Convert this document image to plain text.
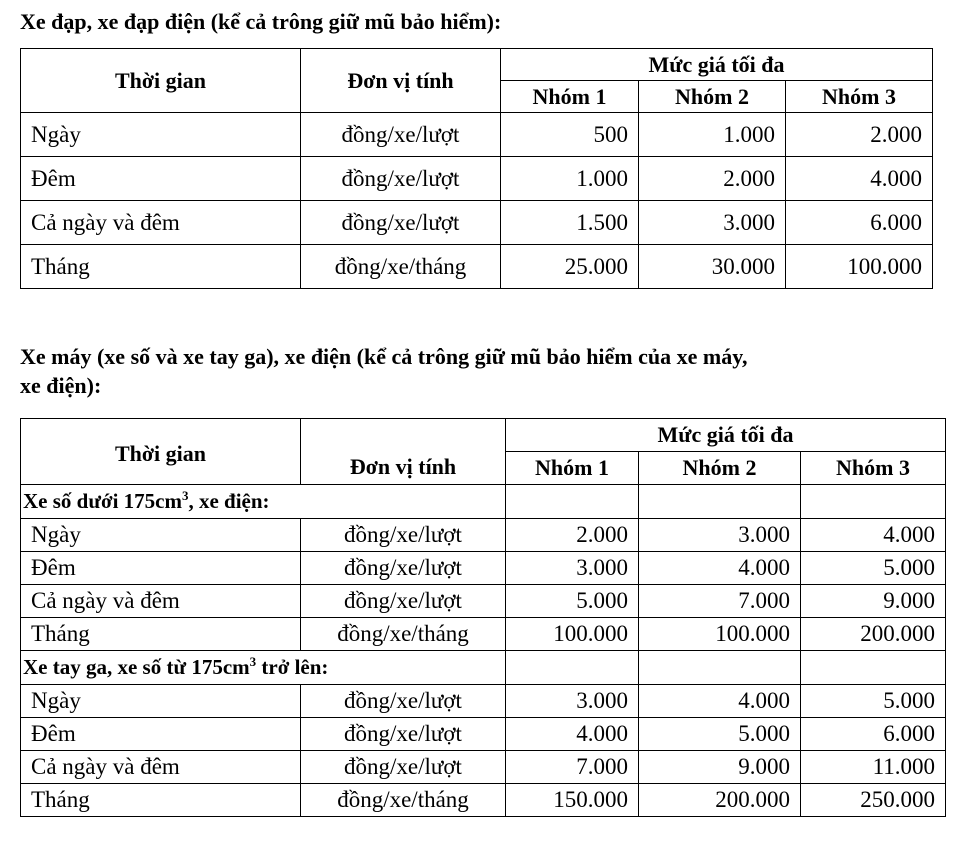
Xe đạp, xe đạp điện (kể cả trông giữ mũ bảo hiểm):

Thời gian	Đơn vị tính	Mức giá tối đa		
		Nhóm 1	Nhóm 2	Nhóm 3
Ngày	đồng/xe/lượt	500	1.000	2.000
Đêm	đồng/xe/lượt	1.000	2.000	4.000
Cả ngày và đêm	đồng/xe/lượt	1.500	3.000	6.000
Tháng	đồng/xe/tháng	25.000	30.000	100.000

Xe máy (xe số và xe tay ga), xe điện (kể cả trông giữ mũ bảo hiểm của xe máy,

xe điện):

Thời gian	Đơn vị tính	Mức giá tối đa		
		Nhóm 1	Nhóm 2	Nhóm 3
Xe số dưới $175cm^3$, xe điện:				
Ngày	đồng/xe/lượt	2.000	3.000	4.000
Đêm	đồng/xe/lượt	3.000	4.000	5.000
Cả ngày và đêm	đồng/xe/lượt	5.000	7.000	9.000
Tháng	đồng/xe/tháng	100.000	100.000	200.000
Xe tay ga, xe số từ $175cm^3$ trở lên:				
Ngày	đồng/xe/lượt	3.000	4.000	5.000
Đêm	đồng/xe/lượt	4.000	5.000	6.000
Cả ngày và đêm	đồng/xe/lượt	7.000	9.000	11.000
Tháng	đồng/xe/tháng	150.000	200.000	250.000
